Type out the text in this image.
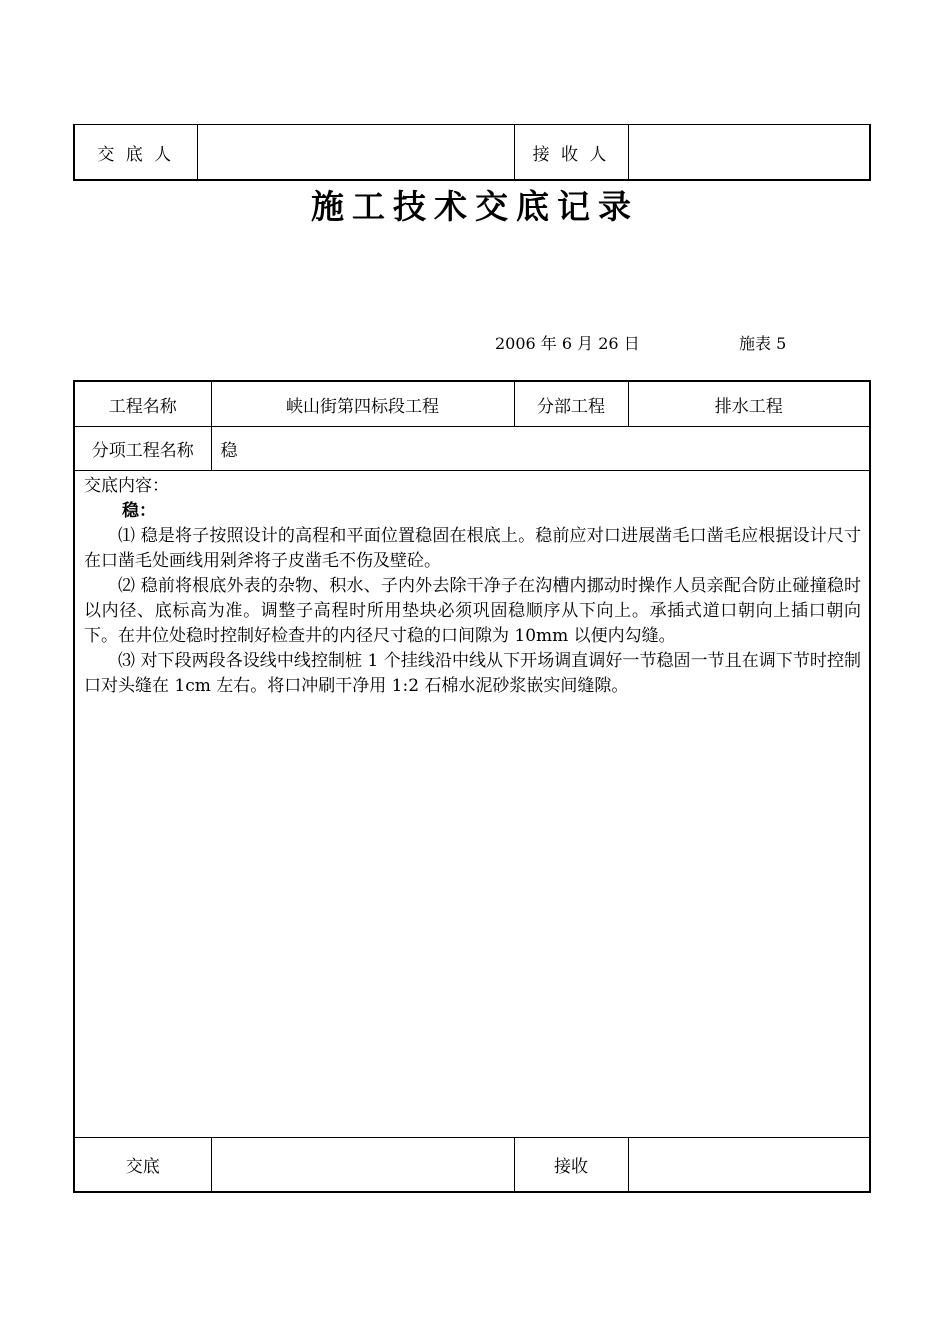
交 底 人		接 收 人	
施工技术交底记录
2006 年 6 月 26 日	施表 5
工程名称	峡山街第四标段工程	分部工程	排水工程
分项工程名称	稳		

交底内容：

稳：

⑴ 稳是将子按照设计的高程和平面位置稳固在根底上。稳前应对口进展凿毛口凿毛应根据设计尺寸在口凿毛处画线用剁斧将子皮凿毛不伤及壁砼。

⑵ 稳前将根底外表的杂物、积水、子内外去除干净子在沟槽内挪动时操作人员亲配合防止碰撞稳时以内径、底标高为准。调整子高程时所用垫块必须巩固稳顺序从下向上。承插式道口朝向上插口朝向下。在井位处稳时控制好检查井的内径尺寸稳的口间隙为 10mm 以便内勾缝。

⑶ 对下段两段各设线中线控制桩 1 个挂线沿中线从下开场调直调好一节稳固一节且在调下节时控制口对头缝在 1cm 左右。将口冲刷干净用 1:2 石棉水泥砂浆嵌实间缝隙。			

交底		接收	
